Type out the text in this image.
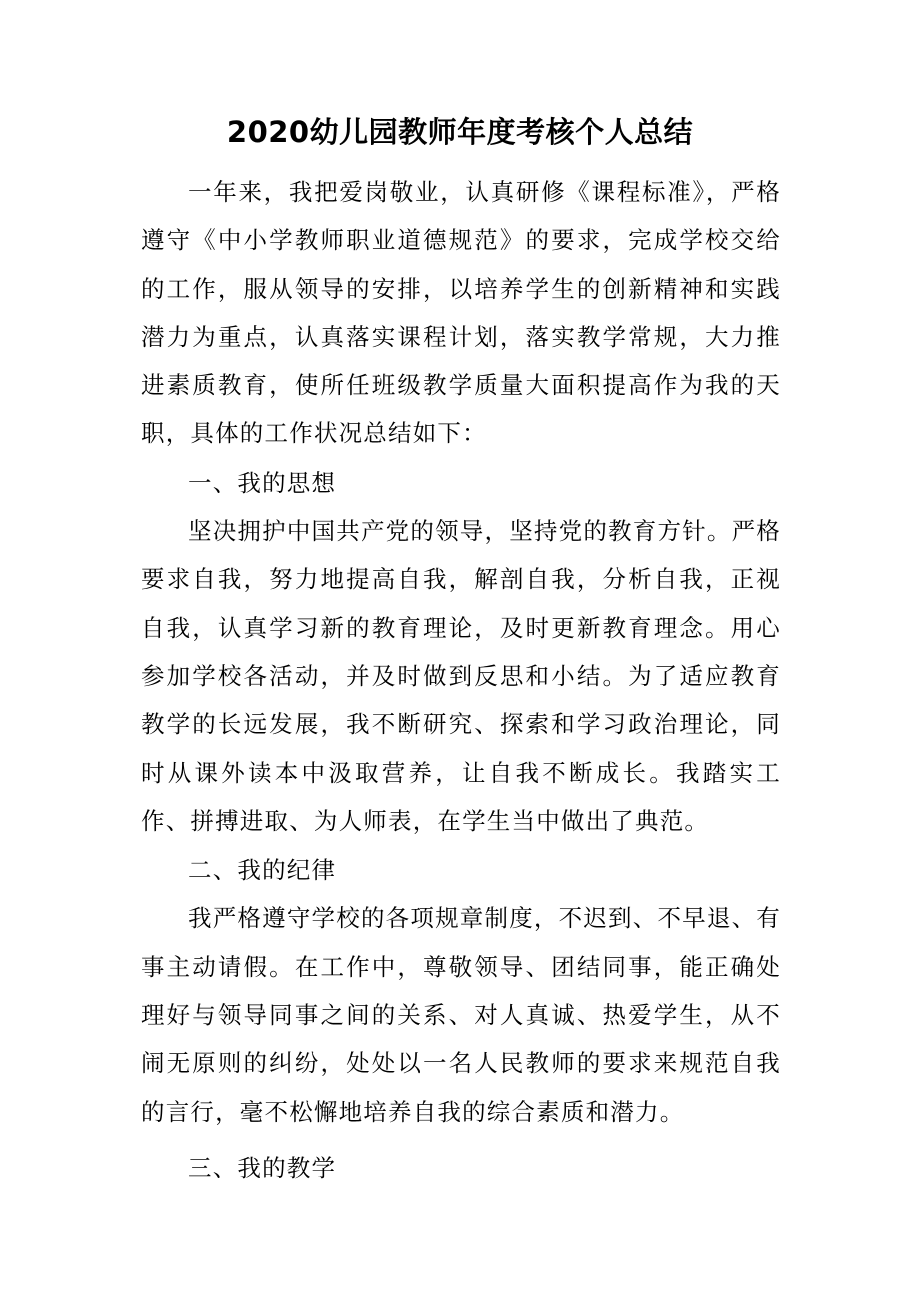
2020幼儿园教师年度考核个人总结

一年来，我把爱岗敬业，认真研修《课程标准》，严格遵守《中小学教师职业道德规范》的要求，完成学校交给的工作，服从领导的安排，以培养学生的创新精神和实践潜力为重点，认真落实课程计划，落实教学常规，大力推进素质教育，使所任班级教学质量大面积提高作为我的天职，具体的工作状况总结如下：

一、我的思想

坚决拥护中国共产党的领导，坚持党的教育方针。严格要求自我，努力地提高自我，解剖自我，分析自我，正视自我，认真学习新的教育理论，及时更新教育理念。用心参加学校各活动，并及时做到反思和小结。为了适应教育教学的长远发展，我不断研究、探索和学习政治理论，同时从课外读本中汲取营养，让自我不断成长。我踏实工作、拼搏进取、为人师表，在学生当中做出了典范。

二、我的纪律

我严格遵守学校的各项规章制度，不迟到、不早退、有事主动请假。在工作中，尊敬领导、团结同事，能正确处理好与领导同事之间的关系、对人真诚、热爱学生，从不闹无原则的纠纷，处处以一名人民教师的要求来规范自我的言行，毫不松懈地培养自我的综合素质和潜力。

三、我的教学
